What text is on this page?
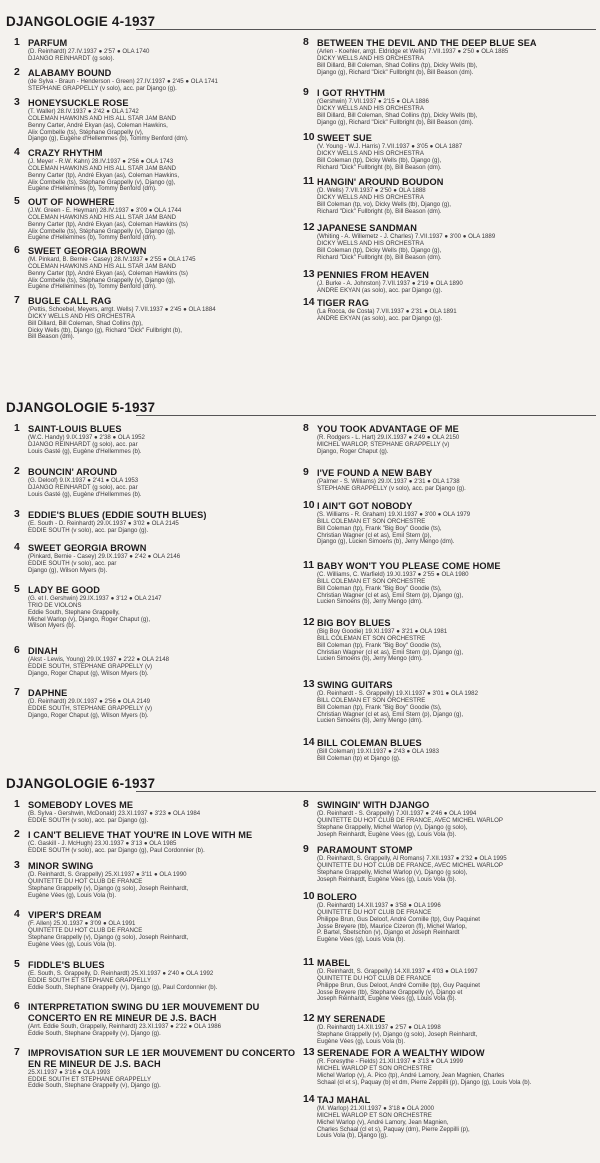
DJANGOLOGIE 4-1937
1 PARFUM
(D. Reinhardt) 27.IV.1937 ● 2'57 ● OLA 1740
DJANGO REINHARDT (g solo).
2 ALABAMY BOUND
(de Sylva - Braun - Henderson - Green) 27.IV.1937 ● 2'45 ● OLA 1741
STEPHANE GRAPPELLY (v solo), acc. par Django (g).
3 HONEYSUCKLE ROSE
(T. Waller) 28.IV.1937 ● 2'42 ● OLA 1742
COLEMAN HAWKINS AND HIS ALL STAR JAM BAND
Benny Carter, André Ekyan (as), Coleman Hawkins,
Alix Combelle (ts), Stéphane Grappelly (v),
Django (g), Eugène d'Hellemmes (b), Tommy Benford (dm).
4 CRAZY RHYTHM
(J. Meyer - R.W. Kahn) 28.IV.1937 ● 2'56 ● OLA 1743
COLEMAN HAWKINS AND HIS ALL STAR JAM BAND
Benny Carter (tp), André Ekyan (as), Coleman Hawkins,
Alix Combelle (ts), Stéphane Grappelly (v), Django (g),
Eugène d'Hellemmes (b), Tommy Benford (dm).
5 OUT OF NOWHERE
(J.W. Green - E. Heyman) 28.IV.1937 ● 3'09 ● OLA 1744
COLEMAN HAWKINS AND HIS ALL STAR JAM BAND
Benny Carter (tp), André Ekyan (as), Coleman Hawkins (ts)
Alix Combelle (ts), Stéphane Grappelly (v), Django (g),
Eugène d'Hellemmes (b), Tommy Benford (dm).
6 SWEET GEORGIA BROWN
(M. Pinkard, B. Bernie - Casey) 28.IV.1937 ● 2'55 ● OLA 1745
COLEMAN HAWKINS AND HIS ALL STAR JAM BAND
Benny Carter (tp), André Ekyan (as), Coleman Hawkins (ts)
Alix Combelle (ts), Stéphane Grappelly (v), Django (g),
Eugène d'Hellemmes (b), Tommy Benford (dm).
7 BUGLE CALL RAG
(Pettis, Schoebel, Meyers, arrgt. Wells) 7.VII.1937 ● 2'45 ● OLA 1884
DICKY WELLS AND HIS ORCHESTRA
Bill Dillard, Bill Coleman, Shad Collins (tp),
Dicky Wells (tb), Django (g), Richard "Dick" Fullbright (b),
Bill Beason (dm).
8 BETWEEN THE DEVIL AND THE DEEP BLUE SEA
(Arlen - Koehler, arrgt. Eldridge et Wells) 7.VII.1937 ● 2'50 ● OLA 1885
DICKY WELLS AND HIS ORCHESTRA
Bill Dillard, Bill Coleman, Shad Collins (tp), Dicky Wells (tb),
Django (g), Richard "Dick" Fullbright (b), Bill Beason (dm).
9 I GOT RHYTHM
(Gershwin) 7.VII.1937 ● 2'15 ● OLA 1886
DICKY WELLS AND HIS ORCHESTRA
Bill Dillard, Bill Coleman, Shad Collins (tp), Dicky Wells (tb),
Django (g), Richard "Dick" Fullbright (b), Bill Beason (dm).
10 SWEET SUE
(V. Young - W.J. Harris) 7.VII.1937 ● 3'05 ● OLA 1887
DICKY WELLS AND HIS ORCHESTRA
Bill Coleman (tp), Dicky Wells (tb), Django (g),
Richard "Dick" Fullbright (b), Bill Beason (dm).
11 HANGIN' AROUND BOUDON
(D. Wells) 7.VII.1937 ● 2'50 ● OLA 1888
DICKY WELLS AND HIS ORCHESTRA
Bill Coleman (tp, vo), Dicky Wells (tb), Django (g),
Richard "Dick" Fullbright (b), Bill Beason (dm).
12 JAPANESE SANDMAN
(Whiting - A. Willemetz - J. Charles) 7.VII.1937 ● 3'00 ● OLA 1889
DICKY WELLS AND HIS ORCHESTRA
Bill Coleman (tp), Dicky Wells (tb), Django (g),
Richard "Dick" Fullbright (b), Bill Beason (dm).
13 PENNIES FROM HEAVEN
(J. Burke - A. Johnston) 7.VII.1937 ● 2'19 ● OLA 1890
ANDRE EKYAN (as solo), acc. par Django (g).
14 TIGER RAG
(La Rocca, de Costa) 7.VII.1937 ● 2'31 ● OLA 1891
ANDRE EKYAN (as solo), acc. par Django (g).
DJANGOLOGIE 5-1937
1 SAINT-LOUIS BLUES
(W.C. Handy) 9.IX.1937 ● 2'38 ● OLA 1952
DJANGO REINHARDT (g solo), acc. par
Louis Gasté (g), Eugène d'Hellemmes (b).
2 BOUNCIN' AROUND
(G. Deloof) 9.IX.1937 ● 2'41 ● OLA 1953
DJANGO REINHARDT (g solo), acc. par
Louis Gasté (g), Eugène d'Hellemmes (b).
3 EDDIE'S BLUES (EDDIE SOUTH BLUES)
(E. South - D. Reinhardt) 29.IX.1937 ● 3'02 ● OLA 2145
EDDIE SOUTH (v solo), acc. par Django (g).
4 SWEET GEORGIA BROWN
(Pinkard, Bernie - Casey) 29.IX.1937 ● 2'42 ● OLA 2146
EDDIE SOUTH (v solo), acc. par
Django (g), Wilson Myers (b).
5 LADY BE GOOD
(G. et I. Gershwin) 29.IX.1937 ● 3'12 ● OLA 2147
TRIO DE VIOLONS
Eddie South, Stephane Grappelly,
Michel Warlop (v), Django, Roger Chaput (g),
Wilson Myers (b).
6 DINAH
(Akst - Lewis, Young) 29.IX.1937 ● 2'22 ● OLA 2148
EDDIE SOUTH, STEPHANE GRAPPELLY (v)
Django, Roger Chaput (g), Wilson Myers (b).
7 DAPHNE
(D. Reinhardt) 29.IX.1937 ● 2'56 ● OLA 2149
EDDIE SOUTH, STEPHANE GRAPPELLY (v)
Django, Roger Chaput (g), Wilson Myers (b).
8 YOU TOOK ADVANTAGE OF ME
(R. Rodgers - L. Hart) 29.IX.1937 ● 2'49 ● OLA 2150
MICHEL WARLOP, STEPHANE GRAPPELLY (v)
Django, Roger Chaput (g).
9 I'VE FOUND A NEW BABY
(Palmer - S. Williams) 29.IX.1937 ● 2'31 ● OLA 1738
STEPHANE GRAPPELLY (v solo), acc. par Django (g).
10 I AIN'T GOT NOBODY
(S. Williams - R. Graham) 19.XI.1937 ● 3'00 ● OLA 1979
BILL COLEMAN ET SON ORCHESTRE
Bill Coleman (tp), Frank "Big Boy" Goodie (ts),
Christian Wagner (cl et as), Emil Stern (p),
Django (g), Lucien Simoens (b), Jerry Mengo (dm).
11 BABY WON'T YOU PLEASE COME HOME
(C. Williams, C. Warfield) 19.XI.1937 ● 2'55 ● OLA 1980
BILL COLEMAN ET SON ORCHESTRE
Bill Coleman (tp), Frank "Big Boy" Goodie (ts),
Christian Wagner (cl et as), Emil Stern (p), Django (g),
Lucien Simoens (b), Jerry Mengo (dm).
12 BIG BOY BLUES
(Big Boy Goodie) 19.XI.1937 ● 3'21 ● OLA 1981
BILL COLEMAN ET SON ORCHESTRE
Bill Coleman (tp), Frank "Big Boy" Goodie (ts),
Christian Wagner (cl et as), Emil Stern (p), Django (g),
Lucien Simoens (b), Jerry Mengo (dm).
13 SWING GUITARS
(D. Reinhardt - S. Grappelly) 19.XI.1937 ● 3'01 ● OLA 1982
BILL COLEMAN ET SON ORCHESTRE
Bill Coleman (tp), Frank "Big Boy" Goodie (ts),
Christian Wagner (cl et as), Emil Stern (p), Django (g),
Lucien Simoens (b), Jerry Mengo (dm).
14 BILL COLEMAN BLUES
(Bill Coleman) 19.XI.1937 ● 2'43 ● OLA 1983
Bill Coleman (tp) et Django (g).
DJANGOLOGIE 6-1937
1 SOMEBODY LOVES ME
(B. Sylva - Gershwin, McDonald) 23.XI.1937 ● 3'23 ● OLA 1984
EDDIE SOUTH (v solo), acc. par Django (g).
2 I CAN'T BELIEVE THAT YOU'RE IN LOVE WITH ME
(C. Gaskill - J. McHugh) 23.XI.1937 ● 3'13 ● OLA 1985
EDDIE SOUTH (v solo), acc. par Django (g), Paul Cordonnier (b).
3 MINOR SWING
(D. Reinhardt, S. Grappelly) 25.XI.1937 ● 3'11 ● OLA 1990
QUINTETTE DU HOT CLUB DE FRANCE
Stephane Grappelly (v), Django (g solo), Joseph Reinhardt,
Eugène Vées (g), Louis Vola (b).
4 VIPER'S DREAM
(F. Allen) 25.XI.1937 ● 3'09 ● OLA 1991
QUINTETTE DU HOT CLUB DE FRANCE
Stephane Grappelly (v), Django (g solo), Joseph Reinhardt,
Eugène Vées (g), Louis Vola (b).
5 FIDDLE'S BLUES
(E. South, S. Grappelly, D. Reinhardt) 25.XI.1937 ● 2'40 ● OLA 1992
EDDIE SOUTH ET STEPHANE GRAPPELLY
Eddie South, Stephane Grappelly (v), Django (g), Paul Cordonnier (b).
6 INTERPRETATION SWING DU 1ER MOUVEMENT DU CONCERTO EN RE MINEUR DE J.S. BACH
(Arrt. Eddie South, Grappelly, Reinhardt) 23.XI.1937 ● 2'22 ● OLA 1986
Eddie South, Stephane Grappelly (v), Django (g).
7 IMPROVISATION SUR LE 1ER MOUVEMENT DU CONCERTO EN RE MINEUR DE J.S. BACH
25.XI.1937 ● 3'16 ● OLA 1993
EDDIE SOUTH ET STEPHANE GRAPPELLY
Eddie South, Stephane Grappelly (v), Django (g).
8 SWINGIN' WITH DJANGO
(D. Reinhardt - S. Grappelly) 7.XII.1937 ● 2'46 ● OLA 1994
QUINTETTE DU HOT CLUB DE FRANCE, AVEC MICHEL WARLOP
Stephane Grappelly, Michel Warlop (v), Django (g solo),
Joseph Reinhardt, Eugène Vées (g), Louis Vola (b).
9 PARAMOUNT STOMP
(D. Reinhardt, S. Grappelly, Al Romans) 7.XII.1937 ● 2'32 ● OLA 1995
QUINTETTE DU HOT CLUB DE FRANCE, AVEC MICHEL WARLOP
Stephane Grappelly, Michel Warlop (v), Django (g solo),
Joseph Reinhardt, Eugène Vées (g), Louis Vola (b).
10 BOLERO
(D. Reinhardt) 14.XII.1937 ● 3'58 ● OLA 1996
QUINTETTE DU HOT CLUB DE FRANCE
Philippe Brun, Gus Deloof, André Cornille (tp), Guy Paquinet
Josse Breyere (tb), Maurice Cizeron (fl), Michel Warlop,
P. Bartel, Sbetschon (v), Django et Joseph Reinhardt
Eugène Vées (g), Louis Vola (b).
11 MABEL
(D. Reinhardt, S. Grappelly) 14.XII.1937 ● 4'03 ● OLA 1997
QUINTETTE DU HOT CLUB DE FRANCE
Philippe Brun, Gus Deloot, André Cornille (tp), Guy Paquinet
Josse Breyere (tb), Stephane Grappelly (v), Django et
Joseph Reinhardt, Eugène Vées (g), Louis Vola (b).
12 MY SERENADE
(D. Reinhardt) 14.XII.1937 ● 2'57 ● OLA 1998
Stephane Grappelly (v), Django (g solo), Joseph Reinhardt,
Eugène Vées (g), Louis Vola (b).
13 SERENADE FOR A WEALTHY WIDOW
(R. Foresythe - Fields) 21.XII.1937 ● 3'13 ● OLA 1999
MICHEL WARLOP ET SON ORCHESTRE
Michel Warlop (v), A. Pico (tp), André Lamory, Jean Magnien, Charles
Schaal (cl et s), Paquay (b) et dm, Pierre Zeppilli (p), Django (g), Louis Vola (b).
14 TAJ MAHAL
(M. Warlop) 21.XII.1937 ● 3'18 ● OLA 2000
MICHEL WARLOP ET SON ORCHESTRE
Michel Warlop (v), André Lamory, Jean Magnien,
Charles Schaal (cl et s), Paquay (dm), Pierre Zeppilli (p),
Louis Vola (b), Django (g).
